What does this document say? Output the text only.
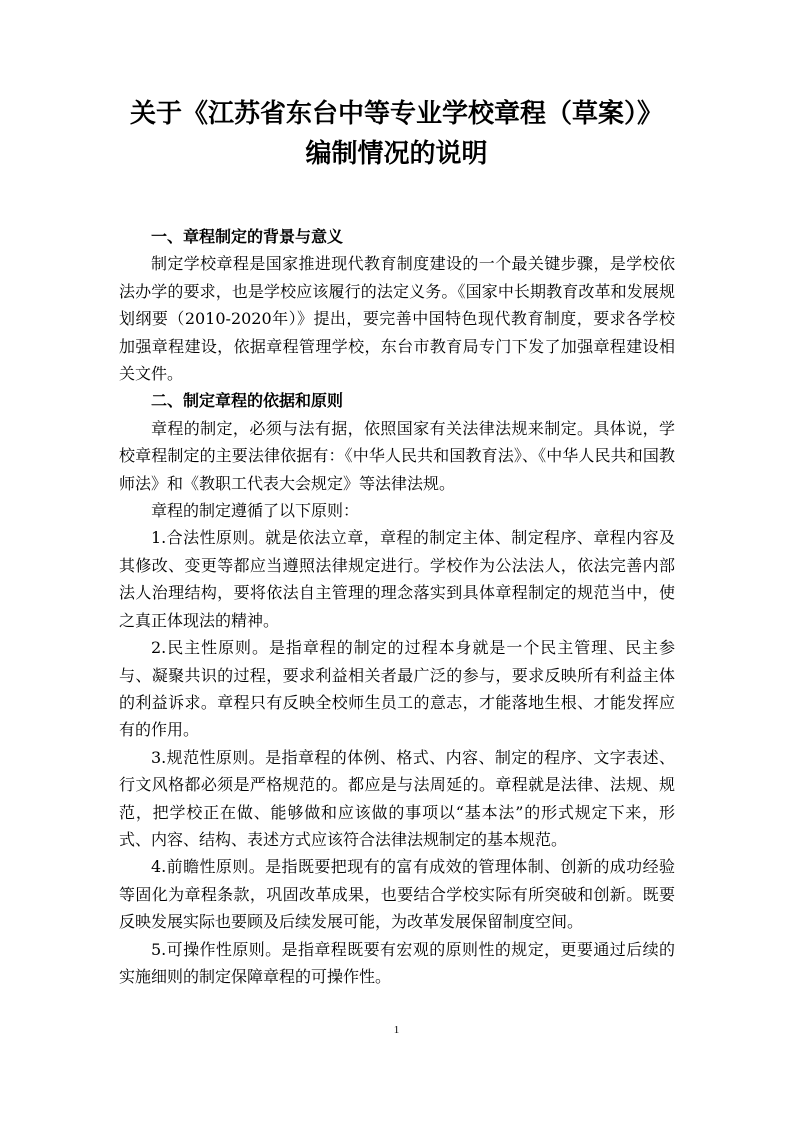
关于《江苏省东台中等专业学校章程（草案）》
编制情况的说明
一、章程制定的背景与意义

制定学校章程是国家推进现代教育制度建设的一个最关键步骤，是学校依法办学的要求，也是学校应该履行的法定义务。《国家中长期教育改革和发展规划纲要（2010-2020年）》提出，要完善中国特色现代教育制度，要求各学校加强章程建设，依据章程管理学校，东台市教育局专门下发了加强章程建设相关文件。

二、制定章程的依据和原则

章程的制定，必须与法有据，依照国家有关法律法规来制定。具体说，学校章程制定的主要法律依据有：《中华人民共和国教育法》、《中华人民共和国教师法》和《教职工代表大会规定》等法律法规。

章程的制定遵循了以下原则：

1.合法性原则。就是依法立章，章程的制定主体、制定程序、章程内容及其修改、变更等都应当遵照法律规定进行。学校作为公法法人，依法完善内部法人治理结构，要将依法自主管理的理念落实到具体章程制定的规范当中，使之真正体现法的精神。

2.民主性原则。是指章程的制定的过程本身就是一个民主管理、民主参与、凝聚共识的过程，要求利益相关者最广泛的参与，要求反映所有利益主体的利益诉求。章程只有反映全校师生员工的意志，才能落地生根、才能发挥应有的作用。

3.规范性原则。是指章程的体例、格式、内容、制定的程序、文字表述、行文风格都必须是严格规范的。都应是与法周延的。章程就是法律、法规、规范，把学校正在做、能够做和应该做的事项以“基本法”的形式规定下来，形式、内容、结构、表述方式应该符合法律法规制定的基本规范。

4.前瞻性原则。是指既要把现有的富有成效的管理体制、创新的成功经验等固化为章程条款，巩固改革成果，也要结合学校实际有所突破和创新。既要反映发展实际也要顾及后续发展可能，为改革发展保留制度空间。

5.可操作性原则。是指章程既要有宏观的原则性的规定，更要通过后续的实施细则的制定保障章程的可操作性。

1
